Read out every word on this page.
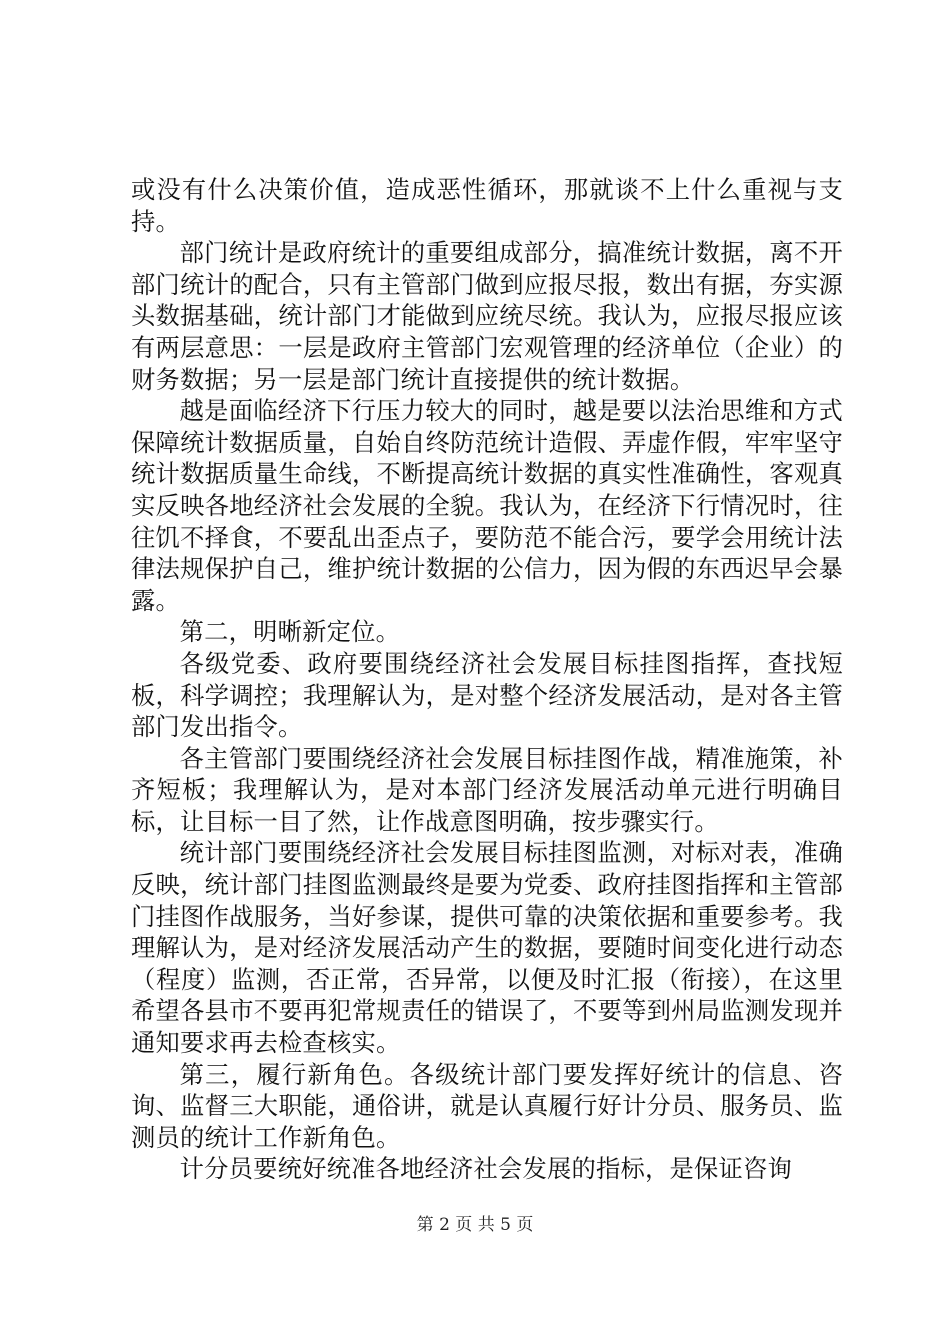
或没有什么决策价值，造成恶性循环，那就谈不上什么重视与支持。

部门统计是政府统计的重要组成部分，搞准统计数据，离不开部门统计的配合，只有主管部门做到应报尽报，数出有据，夯实源头数据基础，统计部门才能做到应统尽统。我认为，应报尽报应该有两层意思：一层是政府主管部门宏观管理的经济单位（企业）的财务数据；另一层是部门统计直接提供的统计数据。

越是面临经济下行压力较大的同时，越是要以法治思维和方式保障统计数据质量，自始自终防范统计造假、弄虚作假，牢牢坚守统计数据质量生命线，不断提高统计数据的真实性准确性，客观真实反映各地经济社会发展的全貌。我认为，在经济下行情况时，往往饥不择食，不要乱出歪点子，要防范不能合污，要学会用统计法律法规保护自己，维护统计数据的公信力，因为假的东西迟早会暴露。

第二，明晰新定位。

各级党委、政府要围绕经济社会发展目标挂图指挥，查找短板，科学调控；我理解认为，是对整个经济发展活动，是对各主管部门发出指令。

各主管部门要围绕经济社会发展目标挂图作战，精准施策，补齐短板；我理解认为，是对本部门经济发展活动单元进行明确目标，让目标一目了然，让作战意图明确，按步骤实行。

统计部门要围绕经济社会发展目标挂图监测，对标对表，准确反映，统计部门挂图监测最终是要为党委、政府挂图指挥和主管部门挂图作战服务，当好参谋，提供可靠的决策依据和重要参考。我理解认为，是对经济发展活动产生的数据，要随时间变化进行动态（程度）监测，否正常，否异常，以便及时汇报（衔接），在这里希望各县市不要再犯常规责任的错误了，不要等到州局监测发现并通知要求再去检查核实。

第三，履行新角色。各级统计部门要发挥好统计的信息、咨询、监督三大职能，通俗讲，就是认真履行好计分员、服务员、监测员的统计工作新角色。

计分员要统好统准各地经济社会发展的指标，是保证咨询

第 2 页 共 5 页
